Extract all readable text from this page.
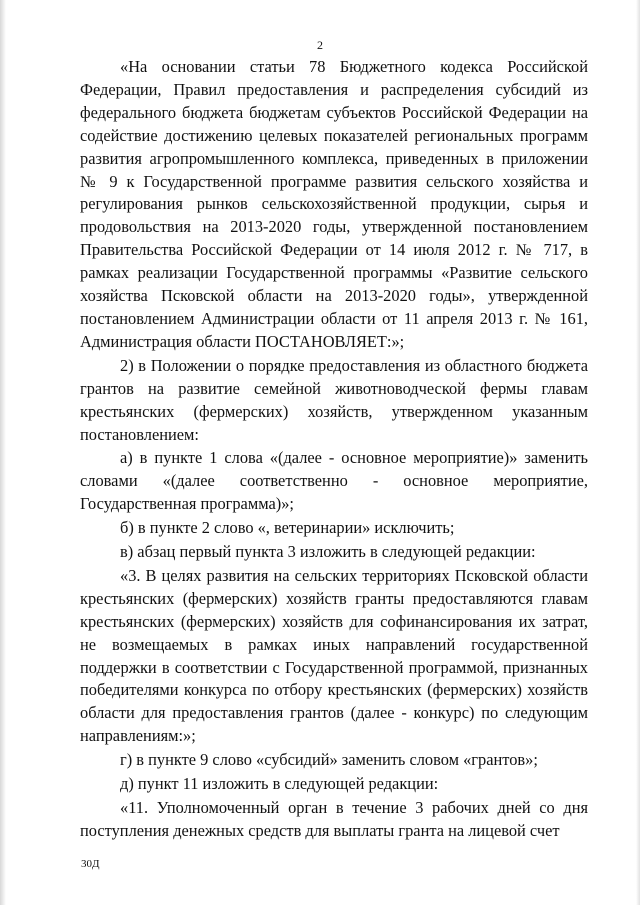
2

«На основании статьи 78 Бюджетного кодекса Российской Федерации, Правил предоставления и распределения субсидий из федерального бюджета бюджетам субъектов Российской Федерации на содействие достижению целевых показателей региональных программ развития агропромышленного комплекса, приведенных в приложении № 9 к Государственной программе развития сельского хозяйства и регулирования рынков сельскохозяйственной продукции, сырья и продовольствия на 2013-2020 годы, утвержденной постановлением Правительства Российской Федерации от 14 июля 2012 г. № 717, в рамках реализации Государственной программы «Развитие сельского хозяйства Псковской области на 2013-2020 годы», утвержденной постановлением Администрации области от 11 апреля 2013 г. № 161, Администрация области ПОСТАНОВЛЯЕТ:»;

2) в Положении о порядке предоставления из областного бюджета грантов на развитие семейной животноводческой фермы главам крестьянских (фермерских) хозяйств, утвержденном указанным постановлением:

а) в пункте 1 слова «(далее - основное мероприятие)» заменить словами «(далее соответственно - основное мероприятие, Государственная программа)»;

б) в пункте 2 слово «, ветеринарии» исключить;

в) абзац первый пункта 3 изложить в следующей редакции:

«3. В целях развития на сельских территориях Псковской области крестьянских (фермерских) хозяйств гранты предоставляются главам крестьянских (фермерских) хозяйств для софинансирования их затрат, не возмещаемых в рамках иных направлений государственной поддержки в соответствии с Государственной программой, признанных победителями конкурса по отбору крестьянских (фермерских) хозяйств области для предоставления грантов (далее - конкурс) по следующим направлениям:»;

г) в пункте 9 слово «субсидий» заменить словом «грантов»;

д) пункт 11 изложить в следующей редакции:

«11. Уполномоченный орган в течение 3 рабочих дней со дня поступления денежных средств для выплаты гранта на лицевой счет

30Д
